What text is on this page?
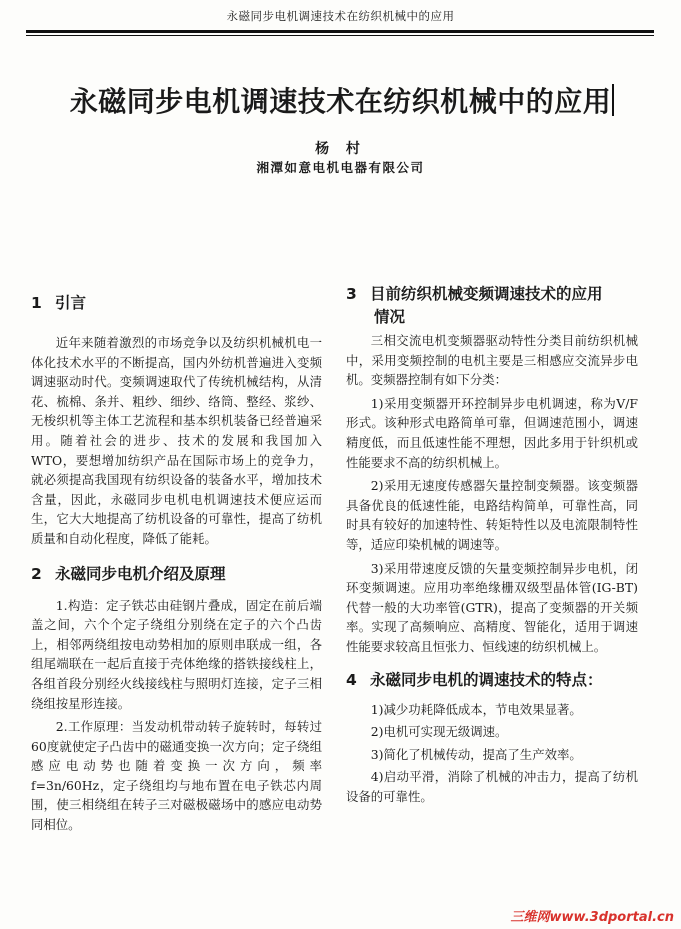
永磁同步电机调速技术在纺织机械中的应用
永磁同步电机调速技术在纺织机械中的应用
杨 村
湘潭如意电机电器有限公司
1 引言

近年来随着激烈的市场竞争以及纺织机械机电一体化技术水平的不断提高，国内外纺机普遍进入变频调速驱动时代。变频调速取代了传统机械结构，从清花、梳棉、条并、粗纱、细纱、络筒、整经、浆纱、无梭织机等主体工艺流程和基本织机装备已经普遍采用。随着社会的进步、技术的发展和我国加入WTO，要想增加纺织产品在国际市场上的竞争力，就必须提高我国现有纺织设备的装备水平，增加技术含量，因此，永磁同步电机电机调速技术便应运而生，它大大地提高了纺机设备的可靠性，提高了纺机质量和自动化程度，降低了能耗。

2 永磁同步电机介绍及原理

1.构造：定子铁芯由硅钢片叠成，固定在前后端盖之间，六个个定子绕组分别绕在定子的六个凸齿上，相邻两绕组按电动势相加的原则串联成一组，各组尾端联在一起后直接于壳体绝缘的搭铁接线柱上，各组首段分别经火线接线柱与照明灯连接，定子三相绕组按星形连接。

2.工作原理：当发动机带动转子旋转时，每转过60度就使定子凸齿中的磁通变换一次方向；定子绕组感应电动势也随着变换一次方向，频率f=3n/60Hz，定子绕组均与地布置在电子铁芯内周围，使三相绕组在转子三对磁极磁场中的感应电动势同相位。

3 目前纺织机械变频调速技术的应用
情况

三相交流电机变频器驱动特性分类目前纺织机械中，采用变频控制的电机主要是三相感应交流异步电机。变频器控制有如下分类：

1)采用变频器开环控制异步电机调速，称为V/F形式。该种形式电路简单可靠，但调速范围小，调速精度低，而且低速性能不理想，因此多用于针织机或性能要求不高的纺织机械上。

2)采用无速度传感器矢量控制变频器。该变频器具备优良的低速性能，电路结构简单，可靠性高，同时具有较好的加速特性、转矩特性以及电流限制特性等，适应印染机械的调速等。

3)采用带速度反馈的矢量变频控制异步电机，闭环变频调速。应用功率绝缘栅双级型晶体管(IG-BT)代替一般的大功率管(GTR)，提高了变频器的开关频率。实现了高频响应、高精度、智能化，适用于调速性能要求较高且恒张力、恒线速的纺织机械上。

4 永磁同步电机的调速技术的特点：

1)减少功耗降低成本，节电效果显著。

2)电机可实现无级调速。

3)简化了机械传动，提高了生产效率。

4)启动平滑，消除了机械的冲击力，提高了纺机设备的可靠性。

三维网www.3dportal.cn
